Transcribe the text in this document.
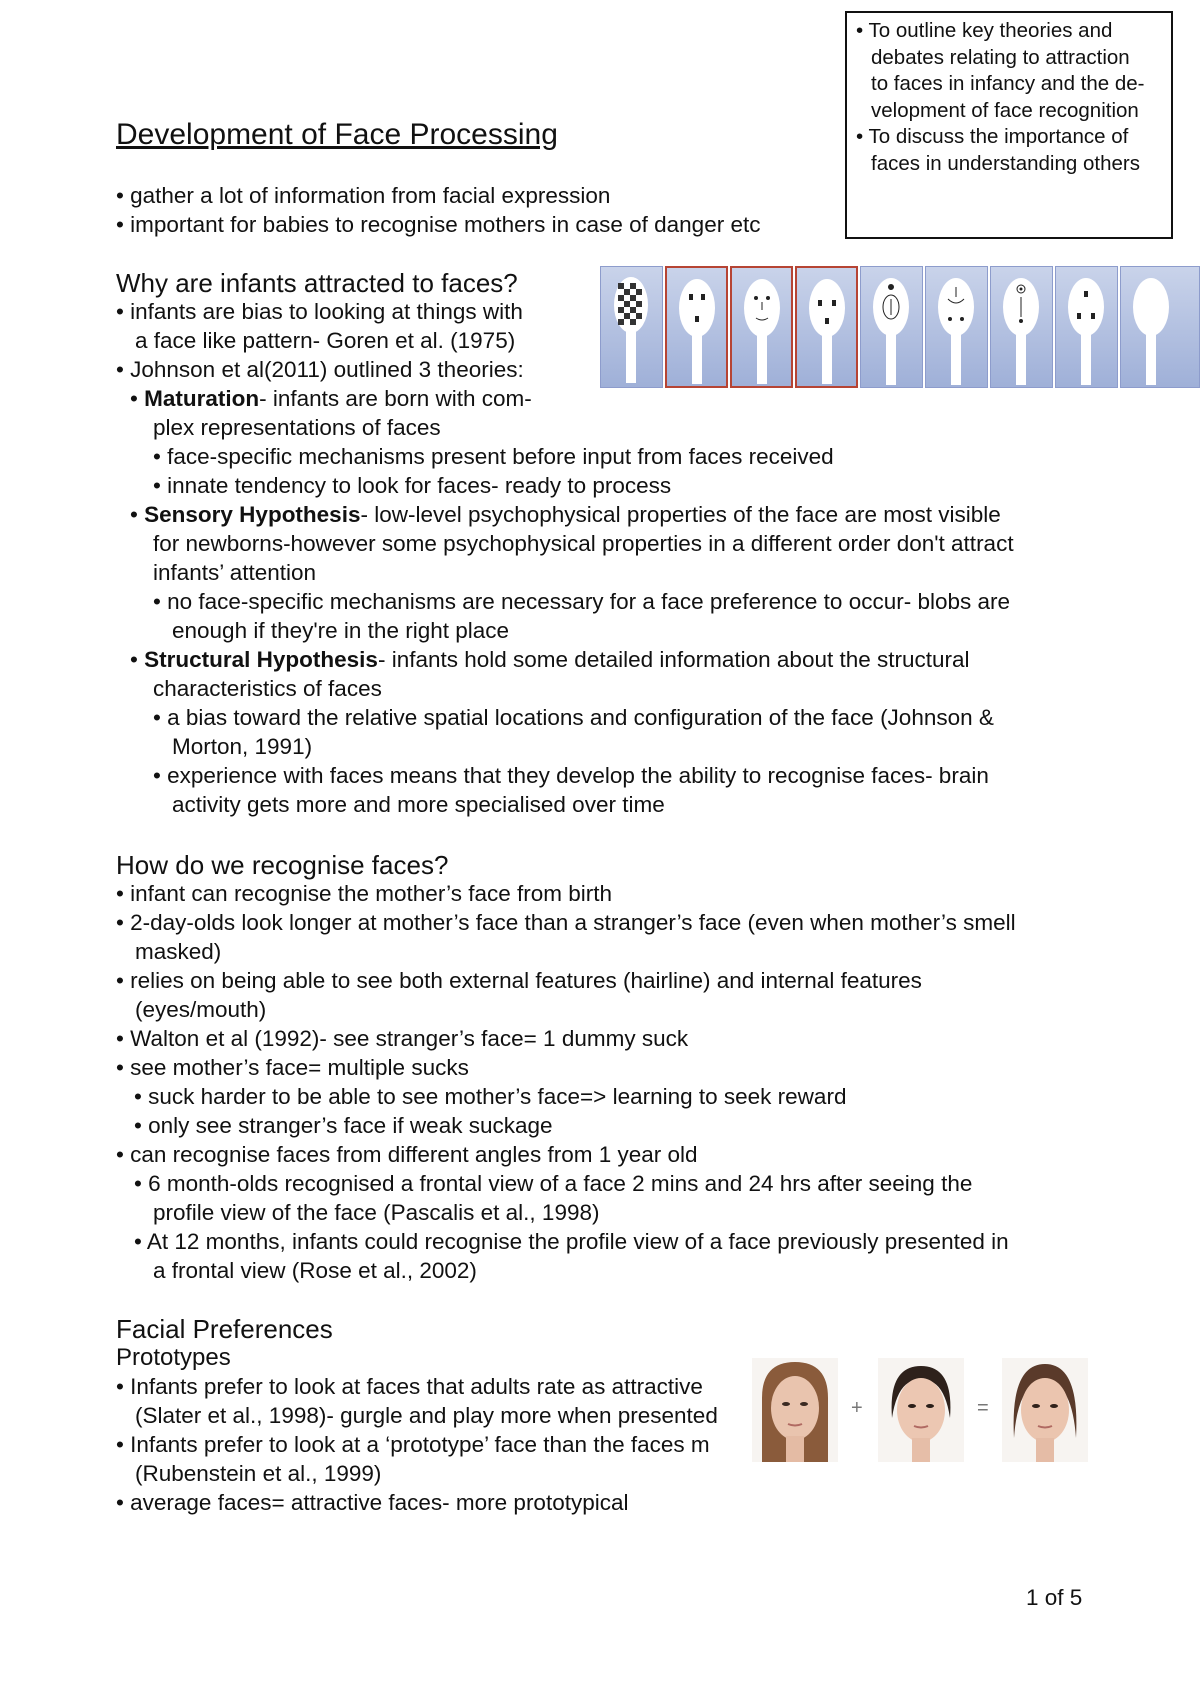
Development of Face Processing
• To outline key theories and
debates relating to attraction
to faces in infancy and the de-
velopment of face recognition
• To discuss the importance of
faces in understanding others
• gather a lot of information from facial expression
• important for babies to recognise mothers in case of danger etc
Why are infants attracted to faces?
• infants are bias to looking at things with
a face like pattern- Goren et al. (1975)
• Johnson et al(2011) outlined 3 theories:
• Maturation- infants are born with com-
plex representations of faces
• face-specific mechanisms present before input from faces received
• innate tendency to look for faces- ready to process
• Sensory Hypothesis- low-level psychophysical properties of the face are most visible
for newborns-however some psychophysical properties in a different order don't attract
infants’ attention
• no face-specific mechanisms are necessary for a face preference to occur- blobs are
enough if they're in the right place
• Structural Hypothesis- infants hold some detailed information about the structural
characteristics of faces
• a bias toward the relative spatial locations and configuration of the face (Johnson &
Morton, 1991)
• experience with faces means that they develop the ability to recognise faces- brain
activity gets more and more specialised over time
How do we recognise faces?
• infant can recognise the mother’s face from birth
• 2-day-olds look longer at mother’s face than a stranger’s face (even when mother’s smell
masked)
• relies on being able to see both external features (hairline) and internal features
(eyes/mouth)
• Walton et al (1992)- see stranger’s face= 1 dummy suck
• see mother’s face= multiple sucks
• suck harder to be able to see mother’s face=> learning to seek reward
• only see stranger’s face if weak suckage
• can recognise faces from different angles from 1 year old
• 6 month-olds recognised a frontal view of a face 2 mins and 24 hrs after seeing the
profile view of the face (Pascalis et al., 1998)
• At 12 months, infants could recognise the profile view of a face previously presented in
a frontal view (Rose et al., 2002)
Facial Preferences
Prototypes
• Infants prefer to look at faces that adults rate as attractive
(Slater et al., 1998)- gurgle and play more when presented
• Infants prefer to look at a ‘prototype’ face than the faces m
(Rubenstein et al., 1999)
• average faces= attractive faces- more prototypical
+	=
1 of 5
